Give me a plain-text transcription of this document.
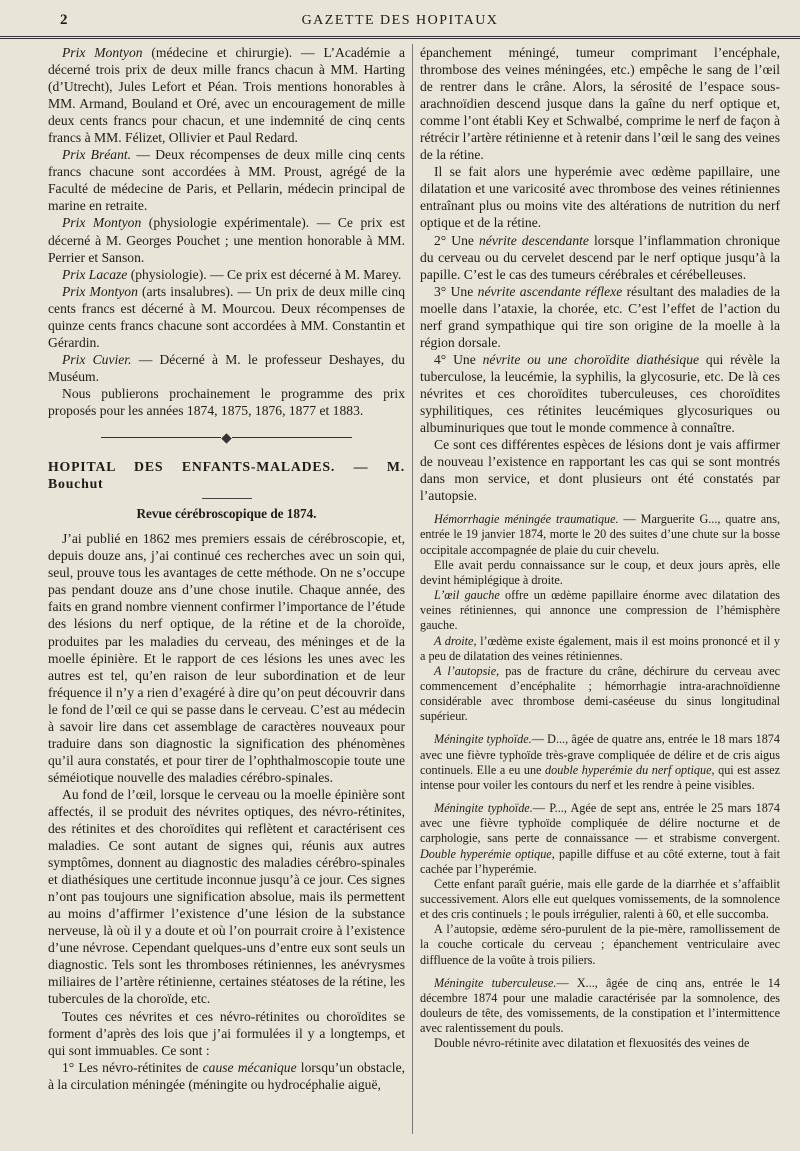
2	GAZETTE DES HOPITAUX

Prix Montyon (médecine et chirurgie). — L’Académie a décerné trois prix de deux mille francs chacun à MM. Harting (d’Utrecht), Jules Lefort et Péan. Trois mentions honorables à MM. Armand, Bouland et Oré, avec un encouragement de mille deux cents francs pour chacun, et une indemnité de cinq cents francs à MM. Félizet, Ollivier et Paul Redard.

Prix Bréant. — Deux récompenses de deux mille cinq cents francs chacune sont accordées à MM. Proust, agrégé de la Faculté de médecine de Paris, et Pellarin, médecin principal de marine en retraite.

Prix Montyon (physiologie expérimentale). — Ce prix est décerné à M. Georges Pouchet ; une mention honorable à MM. Perrier et Sanson.

Prix Lacaze (physiologie). — Ce prix est décerné à M. Marey.

Prix Montyon (arts insalubres). — Un prix de deux mille cinq cents francs est décerné à M. Mourcou. Deux récompenses de quinze cents francs chacune sont accordées à MM. Constantin et Gérardin.

Prix Cuvier. — Décerné à M. le professeur Deshayes, du Muséum.

Nous publierons prochainement le programme des prix proposés pour les années 1874, 1875, 1876, 1877 et 1883.

◆
HOPITAL DES ENFANTS-MALADES. — M. Bouchut
Revue cérébroscopique de 1874.

J’ai publié en 1862 mes premiers essais de cérébroscopie, et, depuis douze ans, j’ai continué ces recherches avec un soin qui, seul, prouve tous les avantages de cette méthode. On ne s’occupe pas pendant douze ans d’une chose inutile. Chaque année, des faits en grand nombre viennent confirmer l’importance de l’étude des lésions du nerf optique, de la rétine et de la choroïde, produites par les maladies du cerveau, des méninges et de la moelle épinière. Et le rapport de ces lésions les unes avec les autres est tel, qu’en raison de leur subordination et de leur fréquence il n’y a rien d’exagéré à dire qu’on peut découvrir dans le fond de l’œil ce qui se passe dans le cerveau. C’est au médecin à savoir lire dans cet assemblage de caractères nouveaux pour traduire dans son diagnostic la signification des phénomènes qu’il aura constatés, et pour tirer de l’ophthalmoscopie toute une séméiotique nouvelle des maladies cérébro-spinales.

Au fond de l’œil, lorsque le cerveau ou la moelle épinière sont affectés, il se produit des névrites optiques, des névro-rétinites, des rétinites et des choroïdites qui reflètent et caractérisent ces maladies. Ce sont autant de signes qui, réunis aux autres symptômes, donnent au diagnostic des maladies cérébro-spinales et diathésiques une certitude inconnue jusqu’à ce jour. Ces signes n’ont pas toujours une signification absolue, mais ils permettent au moins d’affirmer l’existence d’une lésion de la substance nerveuse, là où il y a doute et où l’on pourrait croire à l’existence d’une névrose. Cependant quelques-uns d’entre eux sont seuls un diagnostic. Tels sont les thromboses rétiniennes, les anévrysmes miliaires de l’artère rétinienne, certaines stéatoses de la rétine, les tubercules de la choroïde, etc.

Toutes ces névrites et ces névro-rétinites ou choroïdites se forment d’après des lois que j’ai formulées il y a longtemps, et qui sont immuables. Ce sont :

1° Les névro-rétinites de cause mécanique lorsqu’un obstacle, à la circulation méningée (méningite ou hydrocéphalie aiguë,

épanchement méningé, tumeur comprimant l’encéphale, thrombose des veines méningées, etc.) empêche le sang de l’œil de rentrer dans le crâne. Alors, la sérosité de l’espace sous-arachnoïdien descend jusque dans la gaîne du nerf optique et, comme l’ont établi Key et Schwalbé, comprime le nerf de façon à rétrécir l’artère rétinienne et à retenir dans l’œil le sang des veines de la rétine.

Il se fait alors une hyperémie avec œdème papillaire, une dilatation et une varicosité avec thrombose des veines rétiniennes entraînant plus ou moins vite des altérations de nutrition du nerf optique et de la rétine.

2° Une névrite descendante lorsque l’inflammation chronique du cerveau ou du cervelet descend par le nerf optique jusqu’à la papille. C’est le cas des tumeurs cérébrales et cérébelleuses.

3° Une névrite ascendante réflexe résultant des maladies de la moelle dans l’ataxie, la chorée, etc. C’est l’effet de l’action du nerf grand sympathique qui tire son origine de la moelle à la région dorsale.

4° Une névrite ou une choroïdite diathésique qui révèle la tuberculose, la leucémie, la syphilis, la glycosurie, etc. De là ces névrites et ces choroïdites tuberculeuses, ces choroïdites syphilitiques, ces rétinites leucémiques glycosuriques ou albuminuriques que tout le monde commence à connaître.

Ce sont ces différentes espèces de lésions dont je vais affirmer de nouveau l’existence en rapportant les cas qui se sont montrés dans mon service, et dont plusieurs ont été constatés par l’autopsie.

Hémorrhagie méningée traumatique. — Marguerite G..., quatre ans, entrée le 19 janvier 1874, morte le 20 des suites d’une chute sur la bosse occipitale accompagnée de plaie du cuir chevelu.

Elle avait perdu connaissance sur le coup, et deux jours après, elle devint hémiplégique à droite.

L’œil gauche offre un œdème papillaire énorme avec dilatation des veines rétiniennes, qui annonce une compression de l’hémisphère gauche.

A droite, l’œdème existe également, mais il est moins prononcé et il y a peu de dilatation des veines rétiniennes.

A l’autopsie, pas de fracture du crâne, déchirure du cerveau avec commencement d’encéphalite ; hémorrhagie intra-arachnoïdienne considérable avec thrombose demi-caséeuse du sinus longitudinal supérieur.

Méningite typhoïde.— D..., âgée de quatre ans, entrée le 18 mars 1874 avec une fièvre typhoïde très-grave compliquée de délire et de cris aigus continuels. Elle a eu une double hyperémie du nerf optique, qui est assez intense pour voiler les contours du nerf et les rendre à peine visibles.

Méningite typhoïde.— P..., Agée de sept ans, entrée le 25 mars 1874 avec une fièvre typhoïde compliquée de délire nocturne et de carphologie, sans perte de connaissance — et strabisme convergent. Double hyperémie optique, papille diffuse et au côté externe, tout à fait cachée par l’hyperémie.

Cette enfant paraît guérie, mais elle garde de la diarrhée et s’affaiblit successivement. Alors elle eut quelques vomissements, de la somnolence et des cris continuels ; le pouls irrégulier, ralenti à 60, et elle succomba.

A l’autopsie, œdème séro-purulent de la pie-mère, ramollissement de la couche corticale du cerveau ; épanchement ventriculaire avec diffluence de la voûte à trois piliers.

Méningite tuberculeuse.— X..., âgée de cinq ans, entrée le 14 décembre 1874 pour une maladie caractérisée par la somnolence, des douleurs de tête, des vomissements, de la constipation et l’intermittence avec ralentissement du pouls.

Double névro-rétinite avec dilatation et flexuosités des veines de
